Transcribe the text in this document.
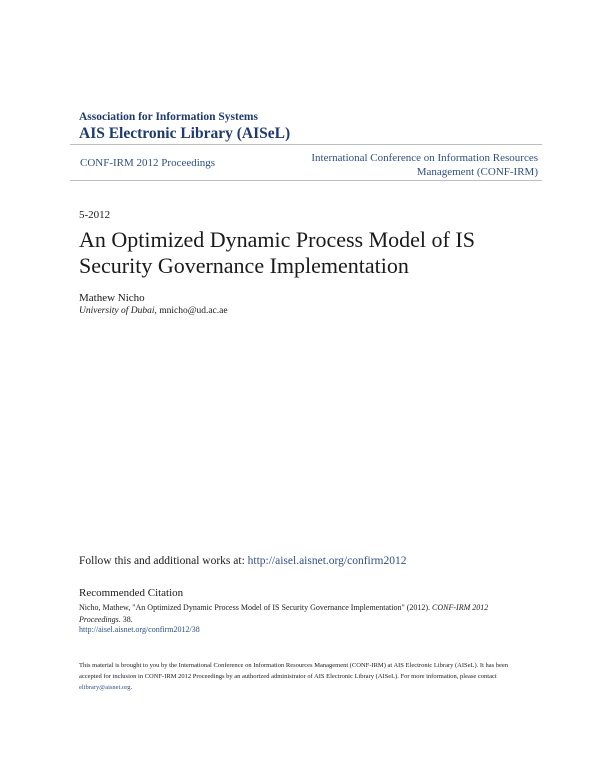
Association for Information Systems
AIS Electronic Library (AISeL)
CONF-IRM 2012 Proceedings	International Conference on Information Resources
Management (CONF-IRM)
5-2012
An Optimized Dynamic Process Model of IS
Security Governance Implementation
Mathew Nicho
University of Dubai, mnicho@ud.ac.ae
Follow this and additional works at: http://aisel.aisnet.org/confirm2012
Recommended Citation
Nicho, Mathew, "An Optimized Dynamic Process Model of IS Security Governance Implementation" (2012). CONF-IRM 2012 Proceedings. 38.
http://aisel.aisnet.org/confirm2012/38
This material is brought to you by the International Conference on Information Resources Management (CONF-IRM) at AIS Electronic Library (AISeL). It has been accepted for inclusion in CONF-IRM 2012 Proceedings by an authorized administrator of AIS Electronic Library (AISeL). For more information, please contact elibrary@aisnet.org.
